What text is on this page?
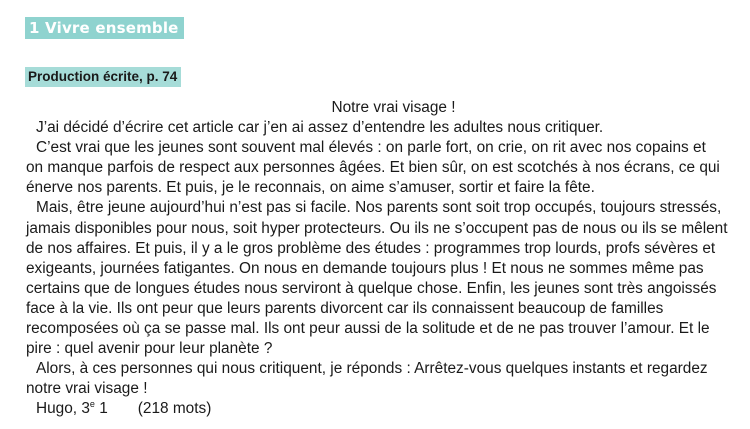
1 Vivre ensemble
Production écrite, p. 74
Notre vrai visage !
J’ai décidé d’écrire cet article car j’en ai assez d’entendre les adultes nous critiquer.
C’est vrai que les jeunes sont souvent mal élevés : on parle fort, on crie, on rit avec nos copains et
on manque parfois de respect aux personnes âgées. Et bien sûr, on est scotchés à nos écrans, ce qui
énerve nos parents. Et puis, je le reconnais, on aime s’amuser, sortir et faire la fête.
Mais, être jeune aujourd’hui n’est pas si facile. Nos parents sont soit trop occupés, toujours stressés,
jamais disponibles pour nous, soit hyper protecteurs. Ou ils ne s’occupent pas de nous ou ils se mêlent
de nos affaires. Et puis, il y a le gros problème des études : programmes trop lourds, profs sévères et
exigeants, journées fatigantes. On nous en demande toujours plus ! Et nous ne sommes même pas
certains que de longues études nous serviront à quelque chose. Enfin, les jeunes sont très angoissés
face à la vie. Ils ont peur que leurs parents divorcent car ils connaissent beaucoup de familles
recomposées où ça se passe mal. Ils ont peur aussi de la solitude et de ne pas trouver l’amour. Et le
pire : quel avenir pour leur planète ?
Alors, à ces personnes qui nous critiquent, je réponds : Arrêtez-vous quelques instants et regardez
notre vrai visage !
Hugo, 3e 1 (218 mots)
